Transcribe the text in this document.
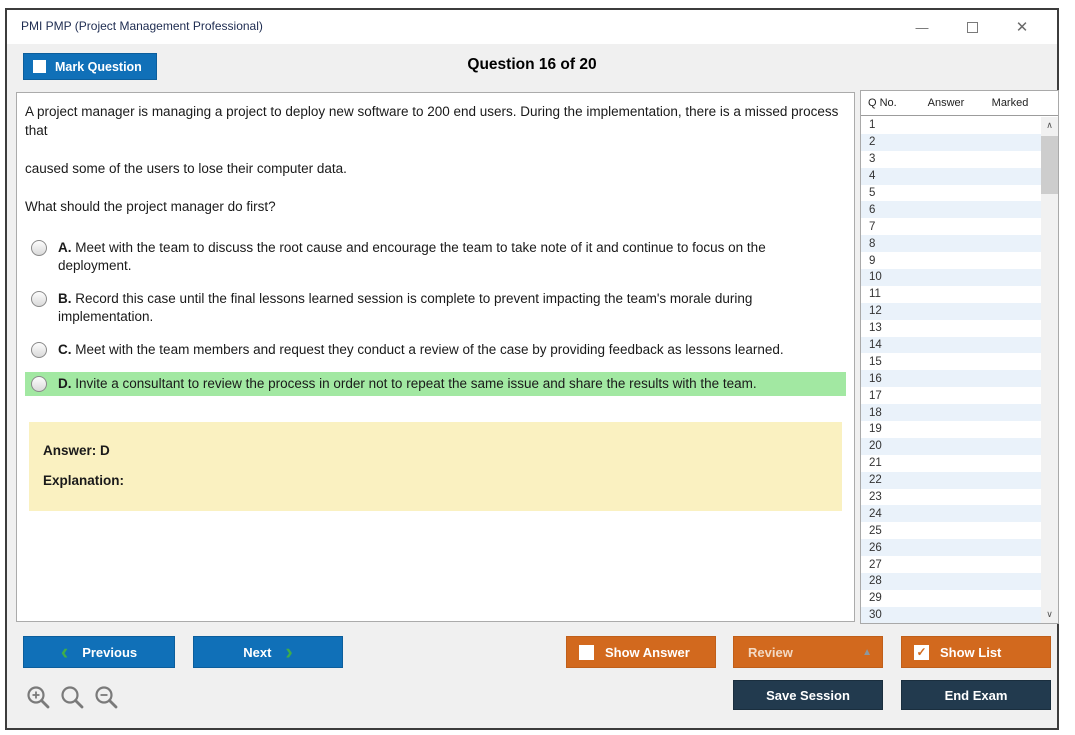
PMI PMP (Project Management Professional)	—	✕
Mark Question	Question 16 of 20
A project manager is managing a project to deploy new software to 200 end users. During the implementation, there is a missed process that
caused some of the users to lose their computer data.
What should the project manager do first?
A. Meet with the team to discuss the root cause and encourage the team to take note of it and continue to focus on the deployment.
B. Record this case until the final lessons learned session is complete to prevent impacting the team's morale during implementation.
C. Meet with the team members and request they conduct a review of the case by providing feedback as lessons learned.
D. Invite a consultant to review the process in order not to repeat the same issue and share the results with the team.
Answer: D
Explanation:
Q No.	Answer	Marked
1
2
3
4
5
6
7
8
9
10
11
12
13
14
15
16
17
18
19
20
21
22
23
24
25
26
27
28
29
30
∧
∨
‹ Previous	Next ›	Show Answer	Review	▲	✓ Show List
Save Session	End Exam
